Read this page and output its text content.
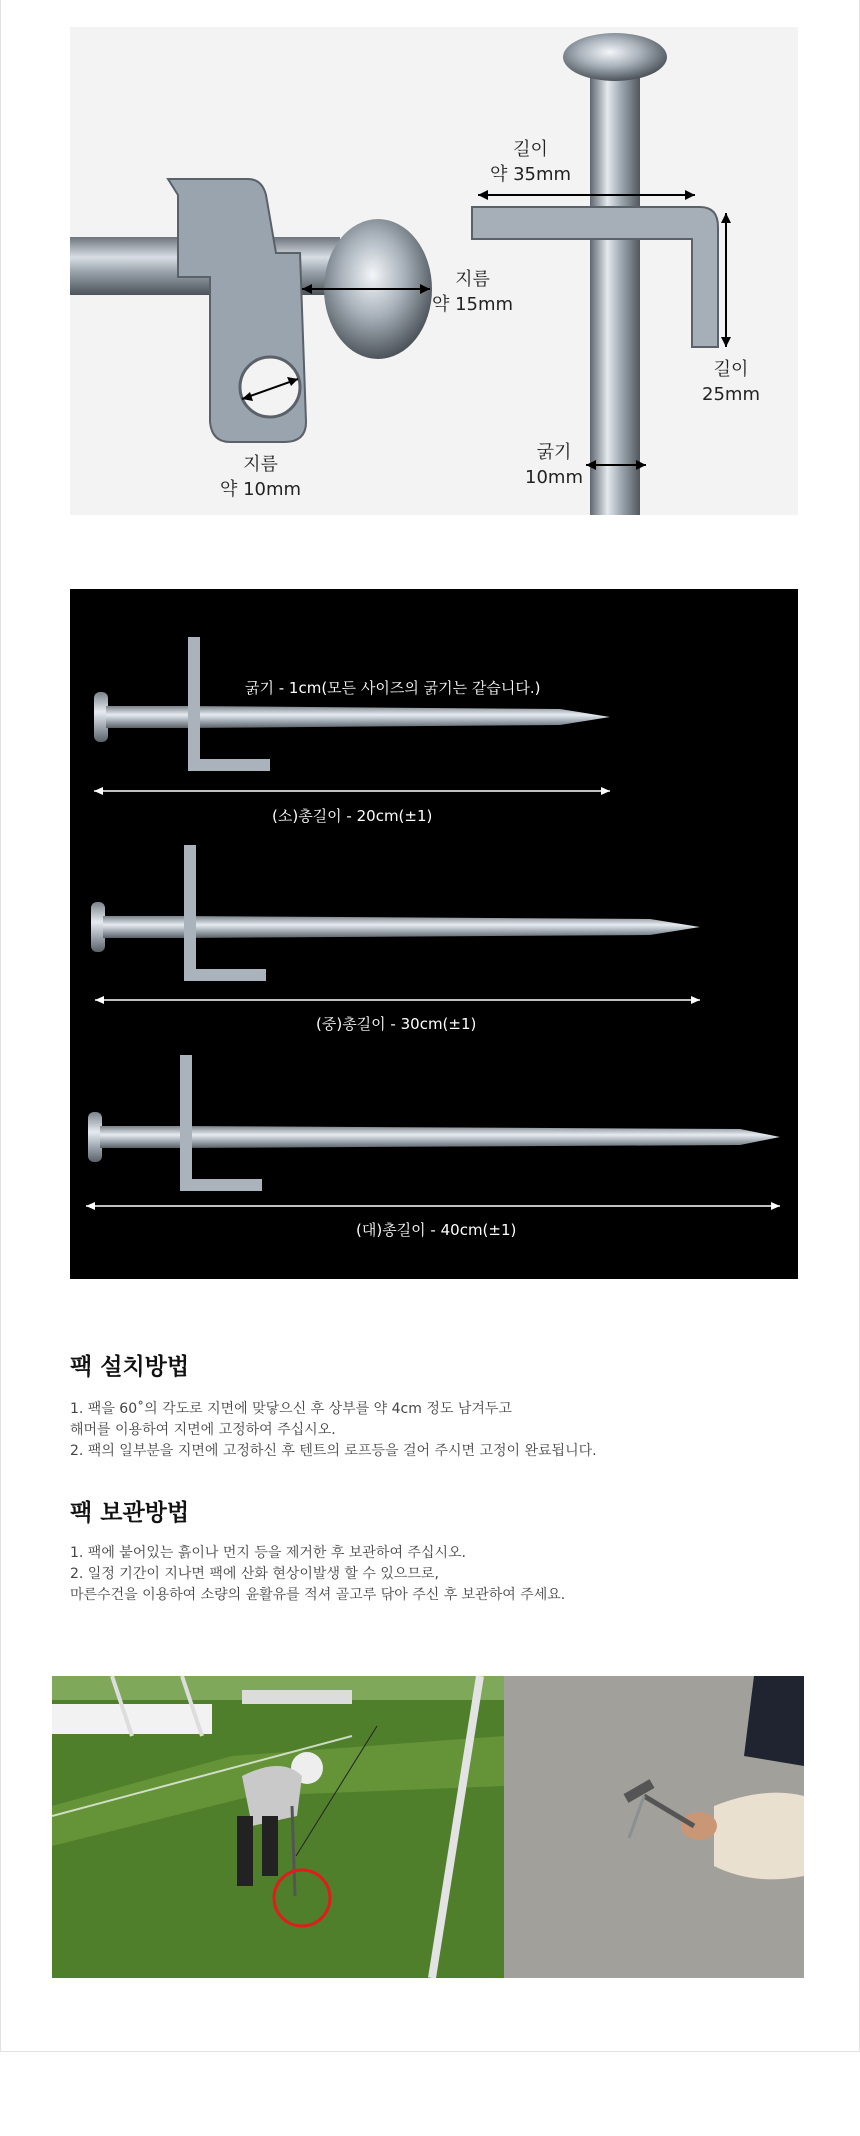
길이
약 35mm
지름
약 15mm
지름
약 10mm
길이
25mm
굵기
10mm
굵기 - 1cm(모든 사이즈의 굵기는 같습니다.)
(소)총길이 - 20cm(±1)
(중)총길이 - 30cm(±1)
(대)총길이 - 40cm(±1)
팩 설치방법
1. 팩을 60˚의 각도로 지면에 맞닿으신 후 상부를 약 4cm 정도 남겨두고
해머를 이용하여 지면에 고정하여 주십시오.
2. 팩의 일부분을 지면에 고정하신 후 텐트의 로프등을 걸어 주시면 고정이 완료됩니다.
팩 보관방법
1. 팩에 붙어있는 흙이나 먼지 등을 제거한 후 보관하여 주십시오.
2. 일정 기간이 지나면 팩에 산화 현상이발생 할 수 있으므로,
마른수건을 이용하여 소량의 윤활유를 적셔 골고루 닦아 주신 후 보관하여 주세요.
